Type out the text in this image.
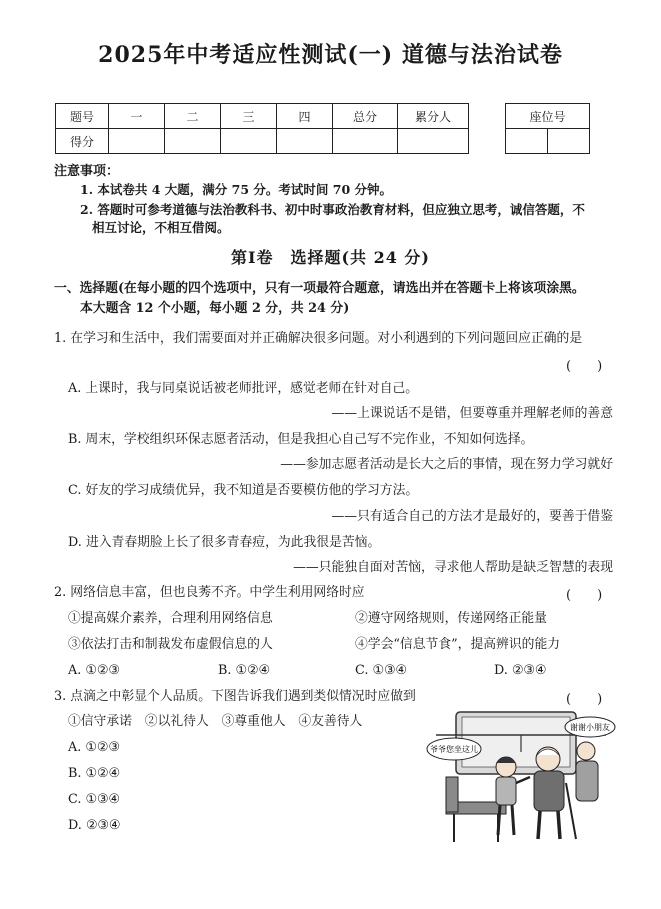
2025年中考适应性测试(一) 道德与法治试卷
题号	一	二	三	四	总分	累分人
得分						
座位号

注意事项：
1. 本试卷共 4 大题，满分 75 分。考试时间 70 分钟。
2. 答题时可参考道德与法治教科书、初中时事政治教育材料，但应独立思考，诚信答题，不
相互讨论，不相互借阅。
第Ⅰ卷　选择题(共 24 分)
一、选择题(在每小题的四个选项中，只有一项最符合题意，请选出并在答题卡上将该项涂黑。
本大题含 12 个小题，每小题 2 分，共 24 分)
1. 在学习和生活中，我们需要面对并正确解决很多问题。对小利遇到的下列问题回应正确的是
(　　)
A. 上课时，我与同桌说话被老师批评，感觉老师在针对自己。
——上课说话不是错，但要尊重并理解老师的善意
B. 周末，学校组织环保志愿者活动，但是我担心自己写不完作业，不知如何选择。
——参加志愿者活动是长大之后的事情，现在努力学习就好
C. 好友的学习成绩优异，我不知道是否要模仿他的学习方法。
——只有适合自己的方法才是最好的，要善于借鉴
D. 进入青春期脸上长了很多青春痘，为此我很是苦恼。
——只能独自面对苦恼，寻求他人帮助是缺乏智慧的表现
2. 网络信息丰富，但也良莠不齐。中学生利用网络时应	(　　)
①提高媒介素养，合理利用网络信息	②遵守网络规则，传递网络正能量
③依法打击和制裁发布虚假信息的人	④学会“信息节食”，提高辨识的能力
A. ①②③	B. ①②④	C. ①③④	D. ②③④
3. 点滴之中彰显个人品质。下图告诉我们遇到类似情况时应做到	(　　)
①信守承诺　②以礼待人　③尊重他人　④友善待人
A. ①②③
B. ①②④
C. ①③④
D. ②③④
爷爷您坐这儿
谢谢小朋友
